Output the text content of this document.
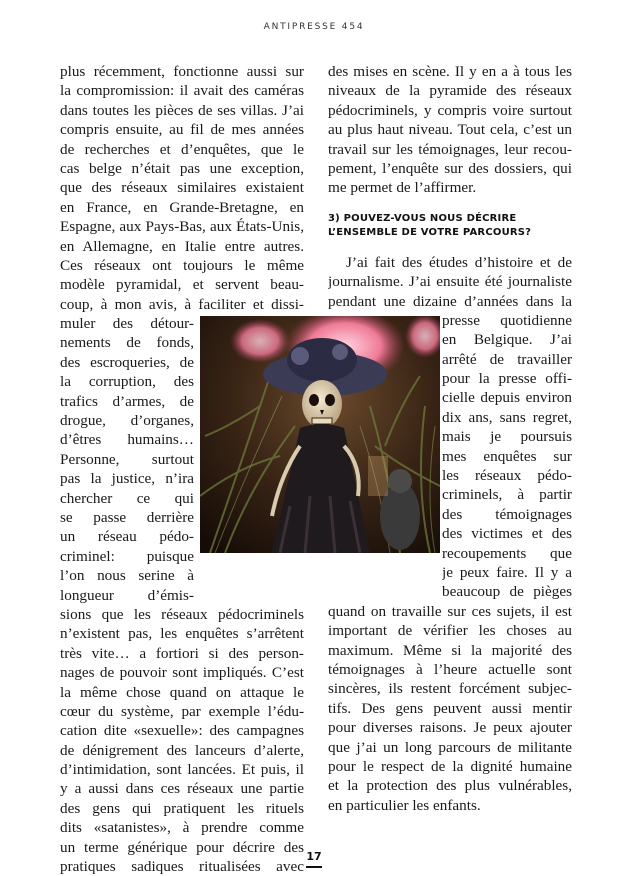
ANTIPRESSE 454
plus récemment, fonctionne aussi sur
la compromission: il avait des caméras
dans toutes les pièces de ses villas. J’ai
compris ensuite, au fil de mes années
de recherches et d’enquêtes, que le
cas belge n’était pas une exception,
que des réseaux similaires existaient
en France, en Grande-Bretagne, en
Espagne, aux Pays-Bas, aux États-Unis,
en Allemagne, en Italie entre autres.
Ces réseaux ont toujours le même
modèle pyramidal, et servent beau-
coup, à mon avis, à faciliter et dissi-
muler des détour-
nements de fonds,
des escroqueries, de
la corruption, des
trafics d’armes, de
drogue, d’organes,
d’êtres humains…
Personne, surtout
pas la justice, n’ira
chercher ce qui
se passe derrière
un réseau pédo-
criminel: puisque
l’on nous serine à
longueur d’émis-
sions que les réseaux pédocriminels
n’existent pas, les enquêtes s’arrêtent
très vite… a fortiori si des person-
nages de pouvoir sont impliqués. C’est
la même chose quand on attaque le
cœur du système, par exemple l’édu-
cation dite «sexuelle»: des campagnes
de dénigrement des lanceurs d’alerte,
d’intimidation, sont lancées. Et puis, il
y a aussi dans ces réseaux une partie
des gens qui pratiquent les rituels
dits «satanistes», à prendre comme
un terme générique pour décrire des
pratiques sadiques ritualisées avec
des mises en scène. Il y en a à tous les
niveaux de la pyramide des réseaux
pédocriminels, y compris voire surtout
au plus haut niveau. Tout cela, c’est un
travail sur les témoignages, leur recou-
pement, l’enquête sur des dossiers, qui
me permet de l’affirmer.
3) POUVEZ-VOUS NOUS DÉCRIRE
L’ENSEMBLE DE VOTRE PARCOURS?
J’ai fait des études d’histoire et de
journalisme. J’ai ensuite été journaliste
pendant une dizaine d’années dans la
presse quotidienne
en Belgique. J’ai
arrêté de travailler
pour la presse offi-
cielle depuis environ
dix ans, sans regret,
mais je poursuis
mes enquêtes sur
les réseaux pédo-
criminels, à partir
des témoignages
des victimes et des
recoupements que
je peux faire. Il y a
beaucoup de pièges
quand on travaille sur ces sujets, il est
important de vérifier les choses au
maximum. Même si la majorité des
témoignages à l’heure actuelle sont
sincères, ils restent forcément subjec-
tifs. Des gens peuvent aussi mentir
pour diverses raisons. Je peux ajouter
que j’ai un long parcours de militante
pour le respect de la dignité humaine
et la protection des plus vulnérables,
en particulier les enfants.
17
